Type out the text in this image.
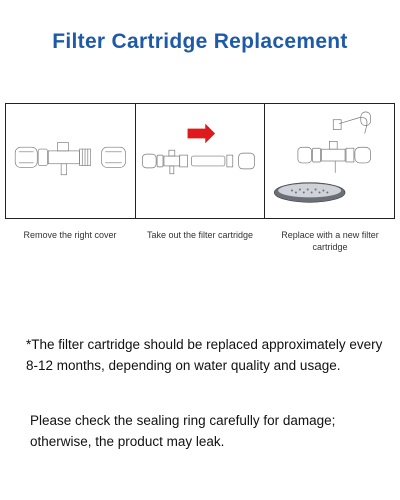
Filter Cartridge Replacement
Remove the right cover	Take out the filter cartridge	Replace with a new filter cartridge
*The filter cartridge should be replaced approximately every 8-12 months, depending on water quality and usage.
Please check the sealing ring carefully for damage; otherwise, the product may leak.
